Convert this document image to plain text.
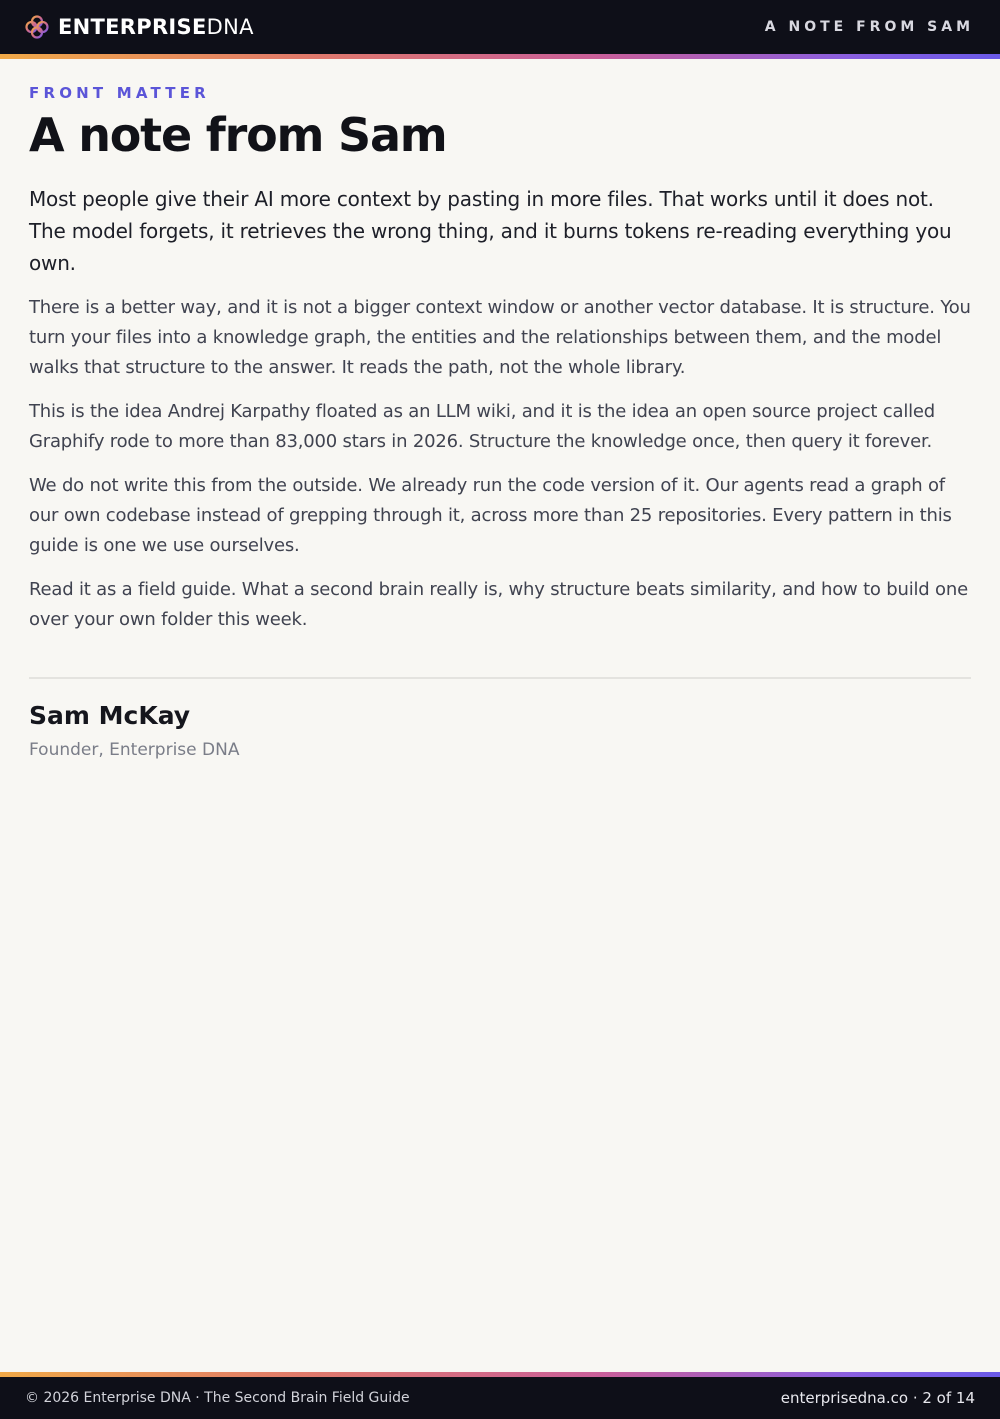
ENTERPRISEDNA	A NOTE FROM SAM
FRONT MATTER
A note from Sam

Most people give their AI more context by pasting in more files. That works until it does not. The model forgets, it retrieves the wrong thing, and it burns tokens re-reading everything you own.

There is a better way, and it is not a bigger context window or another vector database. It is structure. You turn your files into a knowledge graph, the entities and the relationships between them, and the model walks that structure to the answer. It reads the path, not the whole library.

This is the idea Andrej Karpathy floated as an LLM wiki, and it is the idea an open source project called Graphify rode to more than 83,000 stars in 2026. Structure the knowledge once, then query it forever.

We do not write this from the outside. We already run the code version of it. Our agents read a graph of our own codebase instead of grepping through it, across more than 25 repositories. Every pattern in this guide is one we use ourselves.

Read it as a field guide. What a second brain really is, why structure beats similarity, and how to build one over your own folder this week.

Sam McKay
Founder, Enterprise DNA
© 2026 Enterprise DNA · The Second Brain Field Guide	enterprisedna.co · 2 of 14
